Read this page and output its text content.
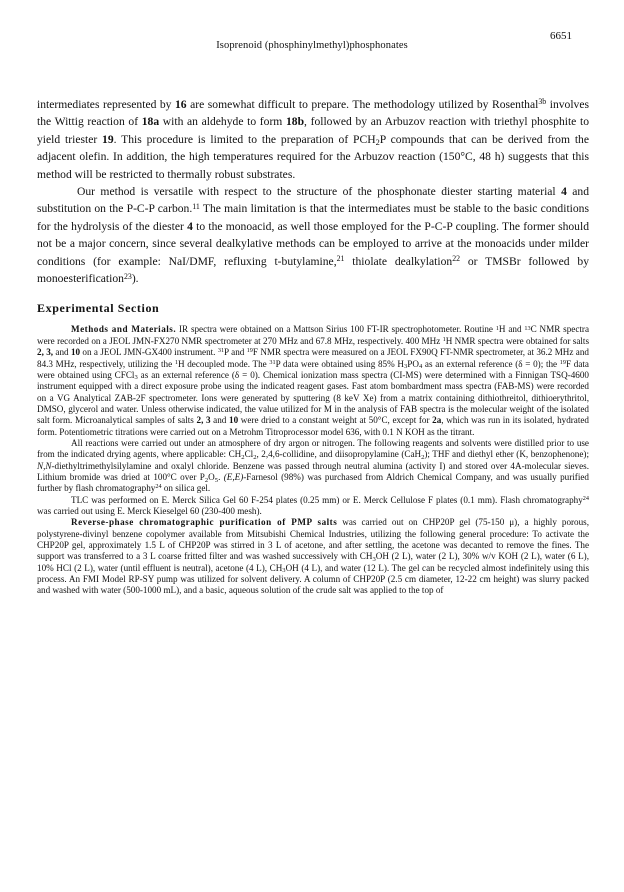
Isoprenoid (phosphinylmethyl)phosphonates
6651

intermediates represented by 16 are somewhat difficult to prepare. The methodology utilized by Rosenthal$^{3b}$ involves the Wittig reaction of 18a with an aldehyde to form 18b, followed by an Arbuzov reaction with triethyl phosphite to yield triester 19. This procedure is limited to the preparation of $PCH_2P$ compounds that can be derived from the adjacent olefin. In addition, the high temperatures required for the Arbuzov reaction (150°C, 48 h) suggests that this method will be restricted to thermally robust substrates.

Our method is versatile with respect to the structure of the phosphonate diester starting material 4 and substitution on the P-C-P carbon.$^{11}$ The main limitation is that the intermediates must be stable to the basic conditions for the hydrolysis of the diester 4 to the monoacid, as well those employed for the P-C-P coupling. The former should not be a major concern, since several dealkylative methods can be employed to arrive at the monoacids under milder conditions (for example: NaI/DMF, refluxing t-butylamine,$^{21}$ thiolate dealkylation$^{22}$ or TMSBr followed by monoesterification$^{23}$).

Experimental Section

Methods and Materials. IR spectra were obtained on a Mattson Sirius 100 FT-IR spectrophotometer. Routine $^1$H and $^{13}$C NMR spectra were recorded on a JEOL JMN-FX270 NMR spectrometer at 270 MHz and 67.8 MHz, respectively. 400 MHz $^1$H NMR spectra were obtained for salts 2, 3, and 10 on a JEOL JMN-GX400 instrument. $^{31}$P and $^{19}$F NMR spectra were measured on a JEOL FX90Q FT-NMR spectrometer, at 36.2 MHz and 84.3 MHz, respectively, utilizing the $^1$H decoupled mode. The $^{31}$P data were obtained using 85% $H_3PO_4$ as an external reference (δ = 0); the $^{19}$F data were obtained using CFCl$_3$ as an external reference (δ = 0). Chemical ionization mass spectra (CI-MS) were determined with a Finnigan TSQ-4600 instrument equipped with a direct exposure probe using the indicated reagent gases. Fast atom bombardment mass spectra (FAB-MS) were recorded on a VG Analytical ZAB-2F spectrometer. Ions were generated by sputtering (8 keV Xe) from a matrix containing dithiothreitol, dithioerythritol, DMSO, glycerol and water. Unless otherwise indicated, the value utilized for M in the analysis of FAB spectra is the molecular weight of the isolated salt form. Microanalytical samples of salts 2, 3 and 10 were dried to a constant weight at 50°C, except for 2a, which was run in its isolated, hydrated form. Potentiometric titrations were carried out on a Metrohm Titroprocessor model 636, with 0.1 N KOH as the titrant.

All reactions were carried out under an atmosphere of dry argon or nitrogen. The following reagents and solvents were distilled prior to use from the indicated drying agents, where applicable: $CH_2Cl_2$, 2,4,6-collidine, and diisopropylamine (CaH$_2$); THF and diethyl ether (K, benzophenone); N,N-diethyltrimethylsilylamine and oxalyl chloride. Benzene was passed through neutral alumina (activity I) and stored over 4A-molecular sieves. Lithium bromide was dried at 100°C over $P_2O_5$. (E,E)-Farnesol (98%) was purchased from Aldrich Chemical Company, and was usually purified further by flash chromatography$^{24}$ on silica gel.

TLC was performed on E. Merck Silica Gel 60 F-254 plates (0.25 mm) or E. Merck Cellulose F plates (0.1 mm). Flash chromatography$^{24}$ was carried out using E. Merck Kieselgel 60 (230-400 mesh).

Reverse-phase chromatographic purification of PMP salts was carried out on CHP20P gel (75-150 μ), a highly porous, polystyrene-divinyl benzene copolymer available from Mitsubishi Chemical Industries, utilizing the following general procedure: To activate the CHP20P gel, approximately 1.5 L of CHP20P was stirred in 3 L of acetone, and after settling, the acetone was decanted to remove the fines. The support was transferred to a 3 L coarse fritted filter and was washed successively with $CH_3OH$ (2 L), water (2 L), 30% w/v KOH (2 L), water (6 L), 10% HCl (2 L), water (until effluent is neutral), acetone (4 L), $CH_3OH$ (4 L), and water (12 L). The gel can be recycled almost indefinitely using this process. An FMI Model RP-SY pump was utilized for solvent delivery. A column of CHP20P (2.5 cm diameter, 12-22 cm height) was slurry packed and washed with water (500-1000 mL), and a basic, aqueous solution of the crude salt was applied to the top of
